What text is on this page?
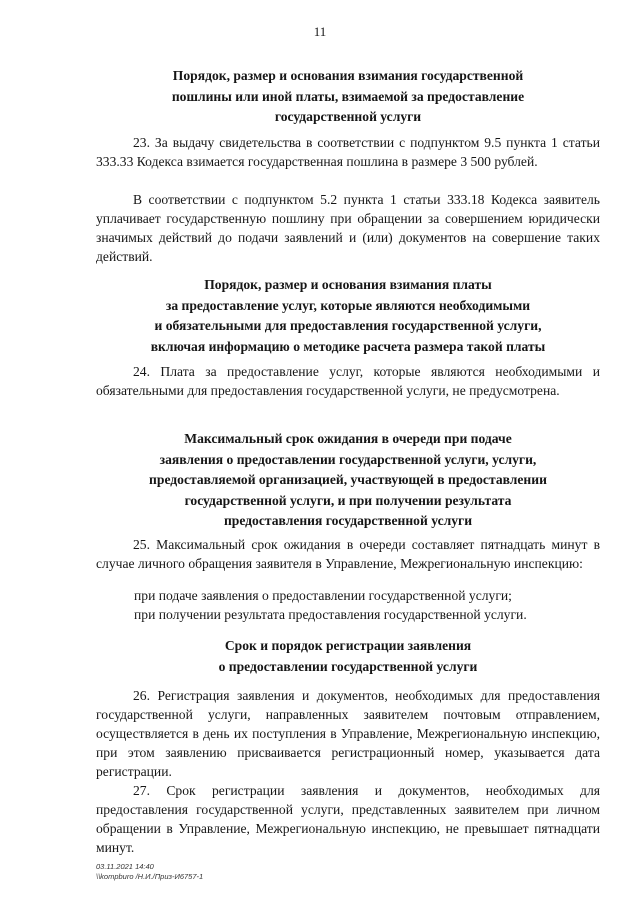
11
Порядок, размер и основания взимания государственной
пошлины или иной платы, взимаемой за предоставление
государственной услуги

23. За выдачу свидетельства в соответствии с подпунктом 9.5 пункта 1 статьи 333.33 Кодекса взимается государственная пошлина в размере 3 500 рублей.

В соответствии с подпунктом 5.2 пункта 1 статьи 333.18 Кодекса заявитель уплачивает государственную пошлину при обращении за совершением юридически значимых действий до подачи заявлений и (или) документов на совершение таких действий.

Порядок, размер и основания взимания платы
за предоставление услуг, которые являются необходимыми
и обязательными для предоставления государственной услуги,
включая информацию о методике расчета размера такой платы

24. Плата за предоставление услуг, которые являются необходимыми и обязательными для предоставления государственной услуги, не предусмотрена.

Максимальный срок ожидания в очереди при подаче
заявления о предоставлении государственной услуги, услуги,
предоставляемой организацией, участвующей в предоставлении
государственной услуги, и при получении результата
предоставления государственной услуги

25. Максимальный срок ожидания в очереди составляет пятнадцать минут в случае личного обращения заявителя в Управление, Межрегиональную инспекцию:

при подаче заявления о предоставлении государственной услуги;
при получении результата предоставления государственной услуги.
Срок и порядок регистрации заявления
о предоставлении государственной услуги

26. Регистрация заявления и документов, необходимых для предоставления государственной услуги, направленных заявителем почтовым отправлением, осуществляется в день их поступления в Управление, Межрегиональную инспекцию, при этом заявлению присваивается регистрационный номер, указывается дата регистрации.

27. Срок регистрации заявления и документов, необходимых для предоставления государственной услуги, представленных заявителем при личном обращении в Управление, Межрегиональную инспекцию, не превышает пятнадцати минут.

03.11.2021 14:40
\\kompburo /Н.И./Приз-И6757-1
